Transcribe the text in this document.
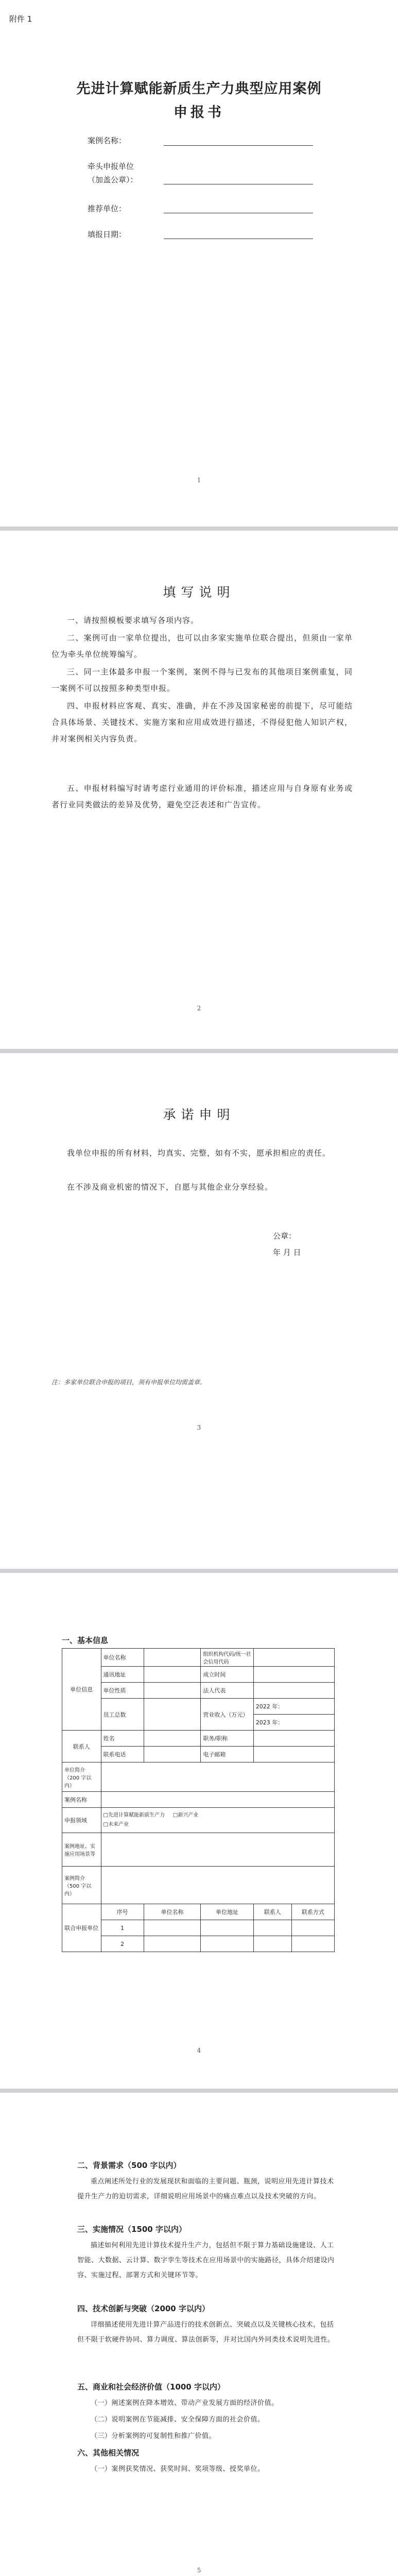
附件 1
先进计算赋能新质生产力典型应用案例
申报书
案例名称：
牵头申报单位
（加盖公章）：
推荐单位：
填报日期：
1
填写说明
一、请按照模板要求填写各项内容。
二、案例可由一家单位提出，也可以由多家实施单位联合提出，但须由一家单位为牵头单位统筹编写。
三、同一主体最多申报一个案例，案例不得与已发布的其他项目案例重复，同一案例不可以按照多种类型申报。
四、申报材料应客观、真实、准确，并在不涉及国家秘密的前提下，尽可能结合具体场景、关键技术、实施方案和应用成效进行描述，不得侵犯他人知识产权，并对案例相关内容负责。
五、申报材料编写时请考虑行业通用的评价标准，描述应用与自身原有业务或者行业同类做法的差异及优势，避免空泛表述和广告宣传。
2
承诺申明
我单位申报的所有材料，均真实、完整，如有不实，愿承担相应的责任。
在不涉及商业机密的情况下，自愿与其他企业分享经验。
公章：
年 月 日
注：多家单位联合申报的项目，须有申报单位均需盖章。
3
一、基本信息
单位信息	单位名称		组织机构代码/统一社会信用代码		
	通讯地址		成立时间		
	单位性质		法人代表		
	员工总数		营业收入（万元）	2022 年：	
				2023 年：	
联系人	姓名		职务/职称		
	联系电话		电子邮箱		
单位简介（200 字以内）					
案例名称					
申报领域	□先进计算赋能新质生产力 □新兴产业
□未来产业				
案例地址、实施应用场景等					
案例简介（500 字以内）					
联合申报单位	序号	单位名称	单位地址	联系人	联系方式
	1				
	2				
4
二、背景需求（500 字以内）
重点阐述所处行业的发展现状和面临的主要问题、瓶颈，说明应用先进计算技术提升生产力的迫切需求，详细说明应用场景中的痛点难点以及技术突破的方向。
三、实施情况（1500 字以内）
描述如何利用先进计算技术提升生产力，包括但不限于算力基础设施建设、人工智能、大数据、云计算、数字孪生等技术在应用场景中的实施路径，具体介绍建设内容、实施过程、部署方式和关键环节等。
四、技术创新与突破（2000 字以内）
详细描述使用先进计算产品进行的技术创新点、突破点以及关键核心技术，包括但不限于软硬件协同、算力调度、算法创新等，并对比国内外同类技术说明先进性。
五、商业和社会经济价值（1000 字以内）
（一）阐述案例在降本增效、带动产业发展方面的经济价值。
（二）说明案例在节能减排、安全保障方面的社会价值。
（三）分析案例的可复制性和推广价值。
六、其他相关情况
（一）案例获奖情况、获奖时间、奖项等级、授奖单位。
5
